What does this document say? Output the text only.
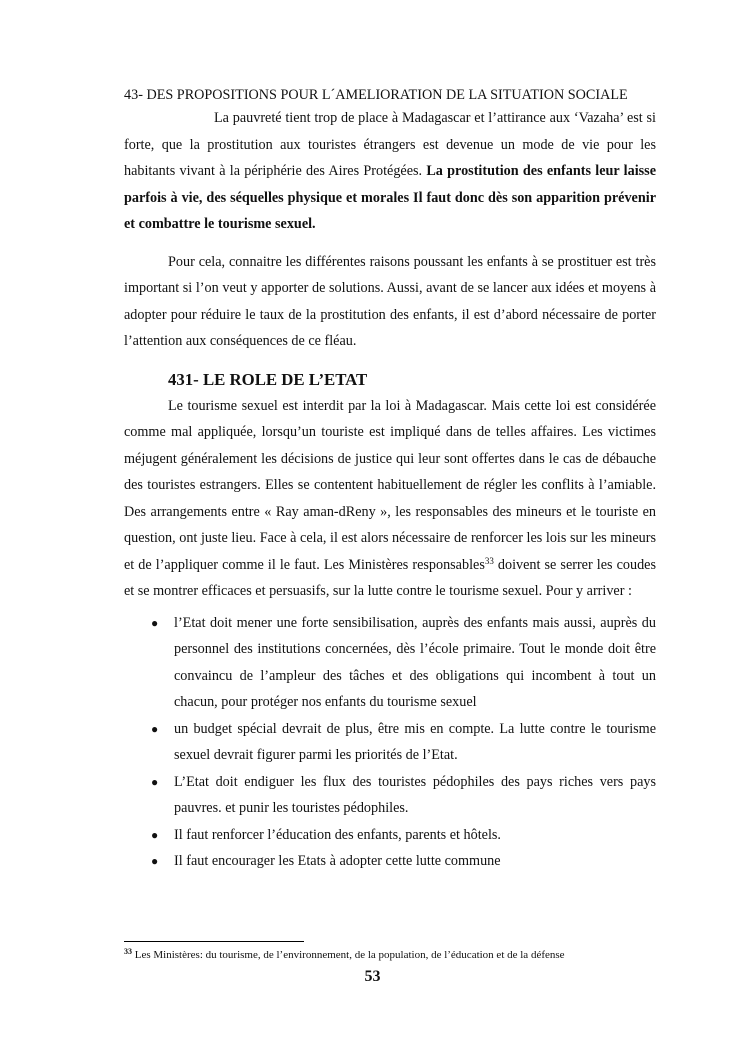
43- DES PROPOSITIONS POUR L´AMELIORATION DE LA SITUATION SOCIALE

La pauvreté tient trop de place à Madagascar et l’attirance aux ‘Vazaha’ est si forte, que la prostitution aux touristes étrangers est devenue un mode de vie pour les habitants vivant à la périphérie des Aires Protégées. La prostitution des enfants leur laisse parfois à vie, des séquelles physique et morales Il faut donc dès son apparition prévenir et combattre le tourisme sexuel.

Pour cela, connaitre les différentes raisons poussant les enfants à se prostituer est très important si l’on veut y apporter de solutions. Aussi, avant de se lancer aux idées et moyens à adopter pour réduire le taux de la prostitution des enfants, il est d’abord nécessaire de porter l’attention aux conséquences de ce fléau.

431- LE ROLE DE L’ETAT

Le tourisme sexuel est interdit par la loi à Madagascar. Mais cette loi est considérée comme mal appliquée, lorsqu’un touriste est impliqué dans de telles affaires. Les victimes méjugent généralement les décisions de justice qui leur sont offertes dans le cas de débauche des touristes estrangers. Elles se contentent habituellement de régler les conflits à l’amiable. Des arrangements entre « Ray aman-dReny », les responsables des mineurs et le touriste en question, ont juste lieu. Face à cela, il est alors nécessaire de renforcer les lois sur les mineurs et de l’appliquer comme il le faut. Les Ministères responsables$^{33}$ doivent se serrer les coudes et se montrer efficaces et persuasifs, sur la lutte contre le tourisme sexuel. Pour y arriver :

● l’Etat doit mener une forte sensibilisation, auprès des enfants mais aussi, auprès du personnel des institutions concernées, dès l’école primaire. Tout le monde doit être convaincu de l’ampleur des tâches et des obligations qui incombent à tout un chacun, pour protéger nos enfants du tourisme sexuel
● un budget spécial devrait de plus, être mis en compte. La lutte contre le tourisme sexuel devrait figurer parmi les priorités de l’Etat.
● L’Etat doit endiguer les flux des touristes pédophiles des pays riches vers pays pauvres. et punir les touristes pédophiles.
● Il faut renforcer l’éducation des enfants, parents et hôtels.
● Il faut encourager les Etats à adopter cette lutte commune
$^{33}$ Les Ministères: du tourisme, de l’environnement, de la population, de l’éducation et de la défense
53
